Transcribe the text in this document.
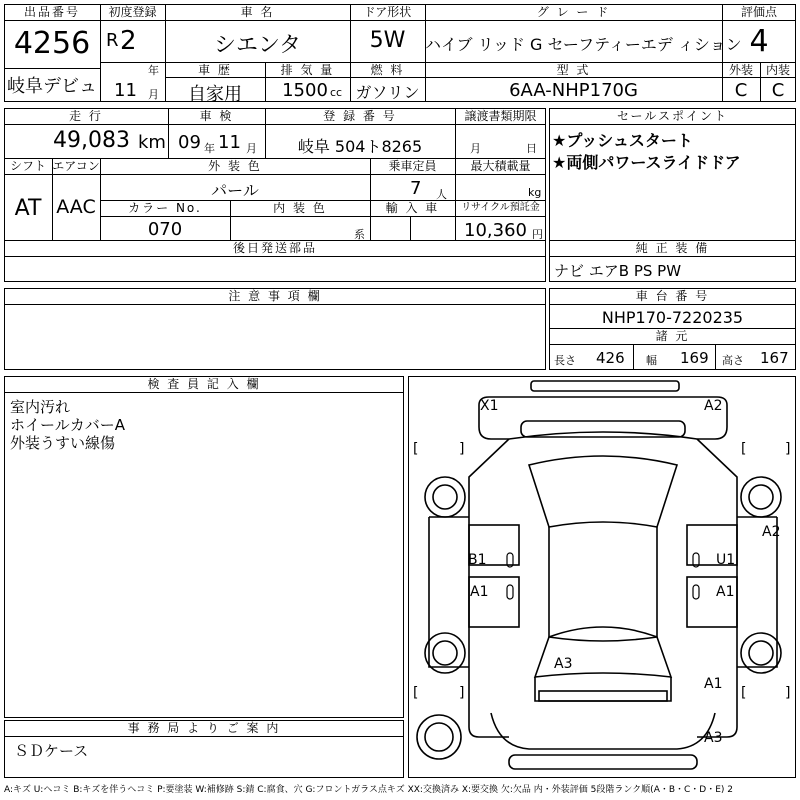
出品番号
4256
岐阜デビュ
初度登録
R 2
年
11 月
車 名
シエンタ
ドア形状
5W
グ レ ー ド
ハイブ リッド G セーフティーエデ ィション
評価点
4
車 歴
自家用
排 気 量
1500 cc
燃 料
ガソリン
型 式
6AA-NHP170G
外装
C
内装
C
走 行
49,083 km
車 検
09 年 11 月
登 録 番 号
岐阜 504ト8265
譲渡書類期限
月	日
シフト
AT
エアコン
AAC
外 装 色
パール
乗車定員
7 人
最大積載量
kg
カラー No.
070
内 装 色
系
輸 入 車	リサイクル預託金
10,360 円
後日発送部品
セールスポイント
★プッシュスタート
★両側パワースライドドア
純 正 装 備
ナビ エアB PS PW
注 意 事 項 欄	車 台 番 号
NHP170-7220235
諸 元
長さ 426 幅 169 高さ 167
検 査 員 記 入 欄
室内汚れ
ホイールカバーA
外装うすい線傷
事 務 局 よ り ご 案 内
ＳＤケース
[	]	[	]
[	]	[	]
X1	A2
A2
B1	U1
A1	A1
A3
A1
A3
A:キズ U:ヘコミ B:キズを伴うヘコミ P:要塗装 W:補修跡 S:錆 C:腐食、穴 G:フロントガラス点キズ XX:交換済み X:要交換 欠:欠品 内・外装評価 5段階ランク順(A・B・C・D・E) 2
